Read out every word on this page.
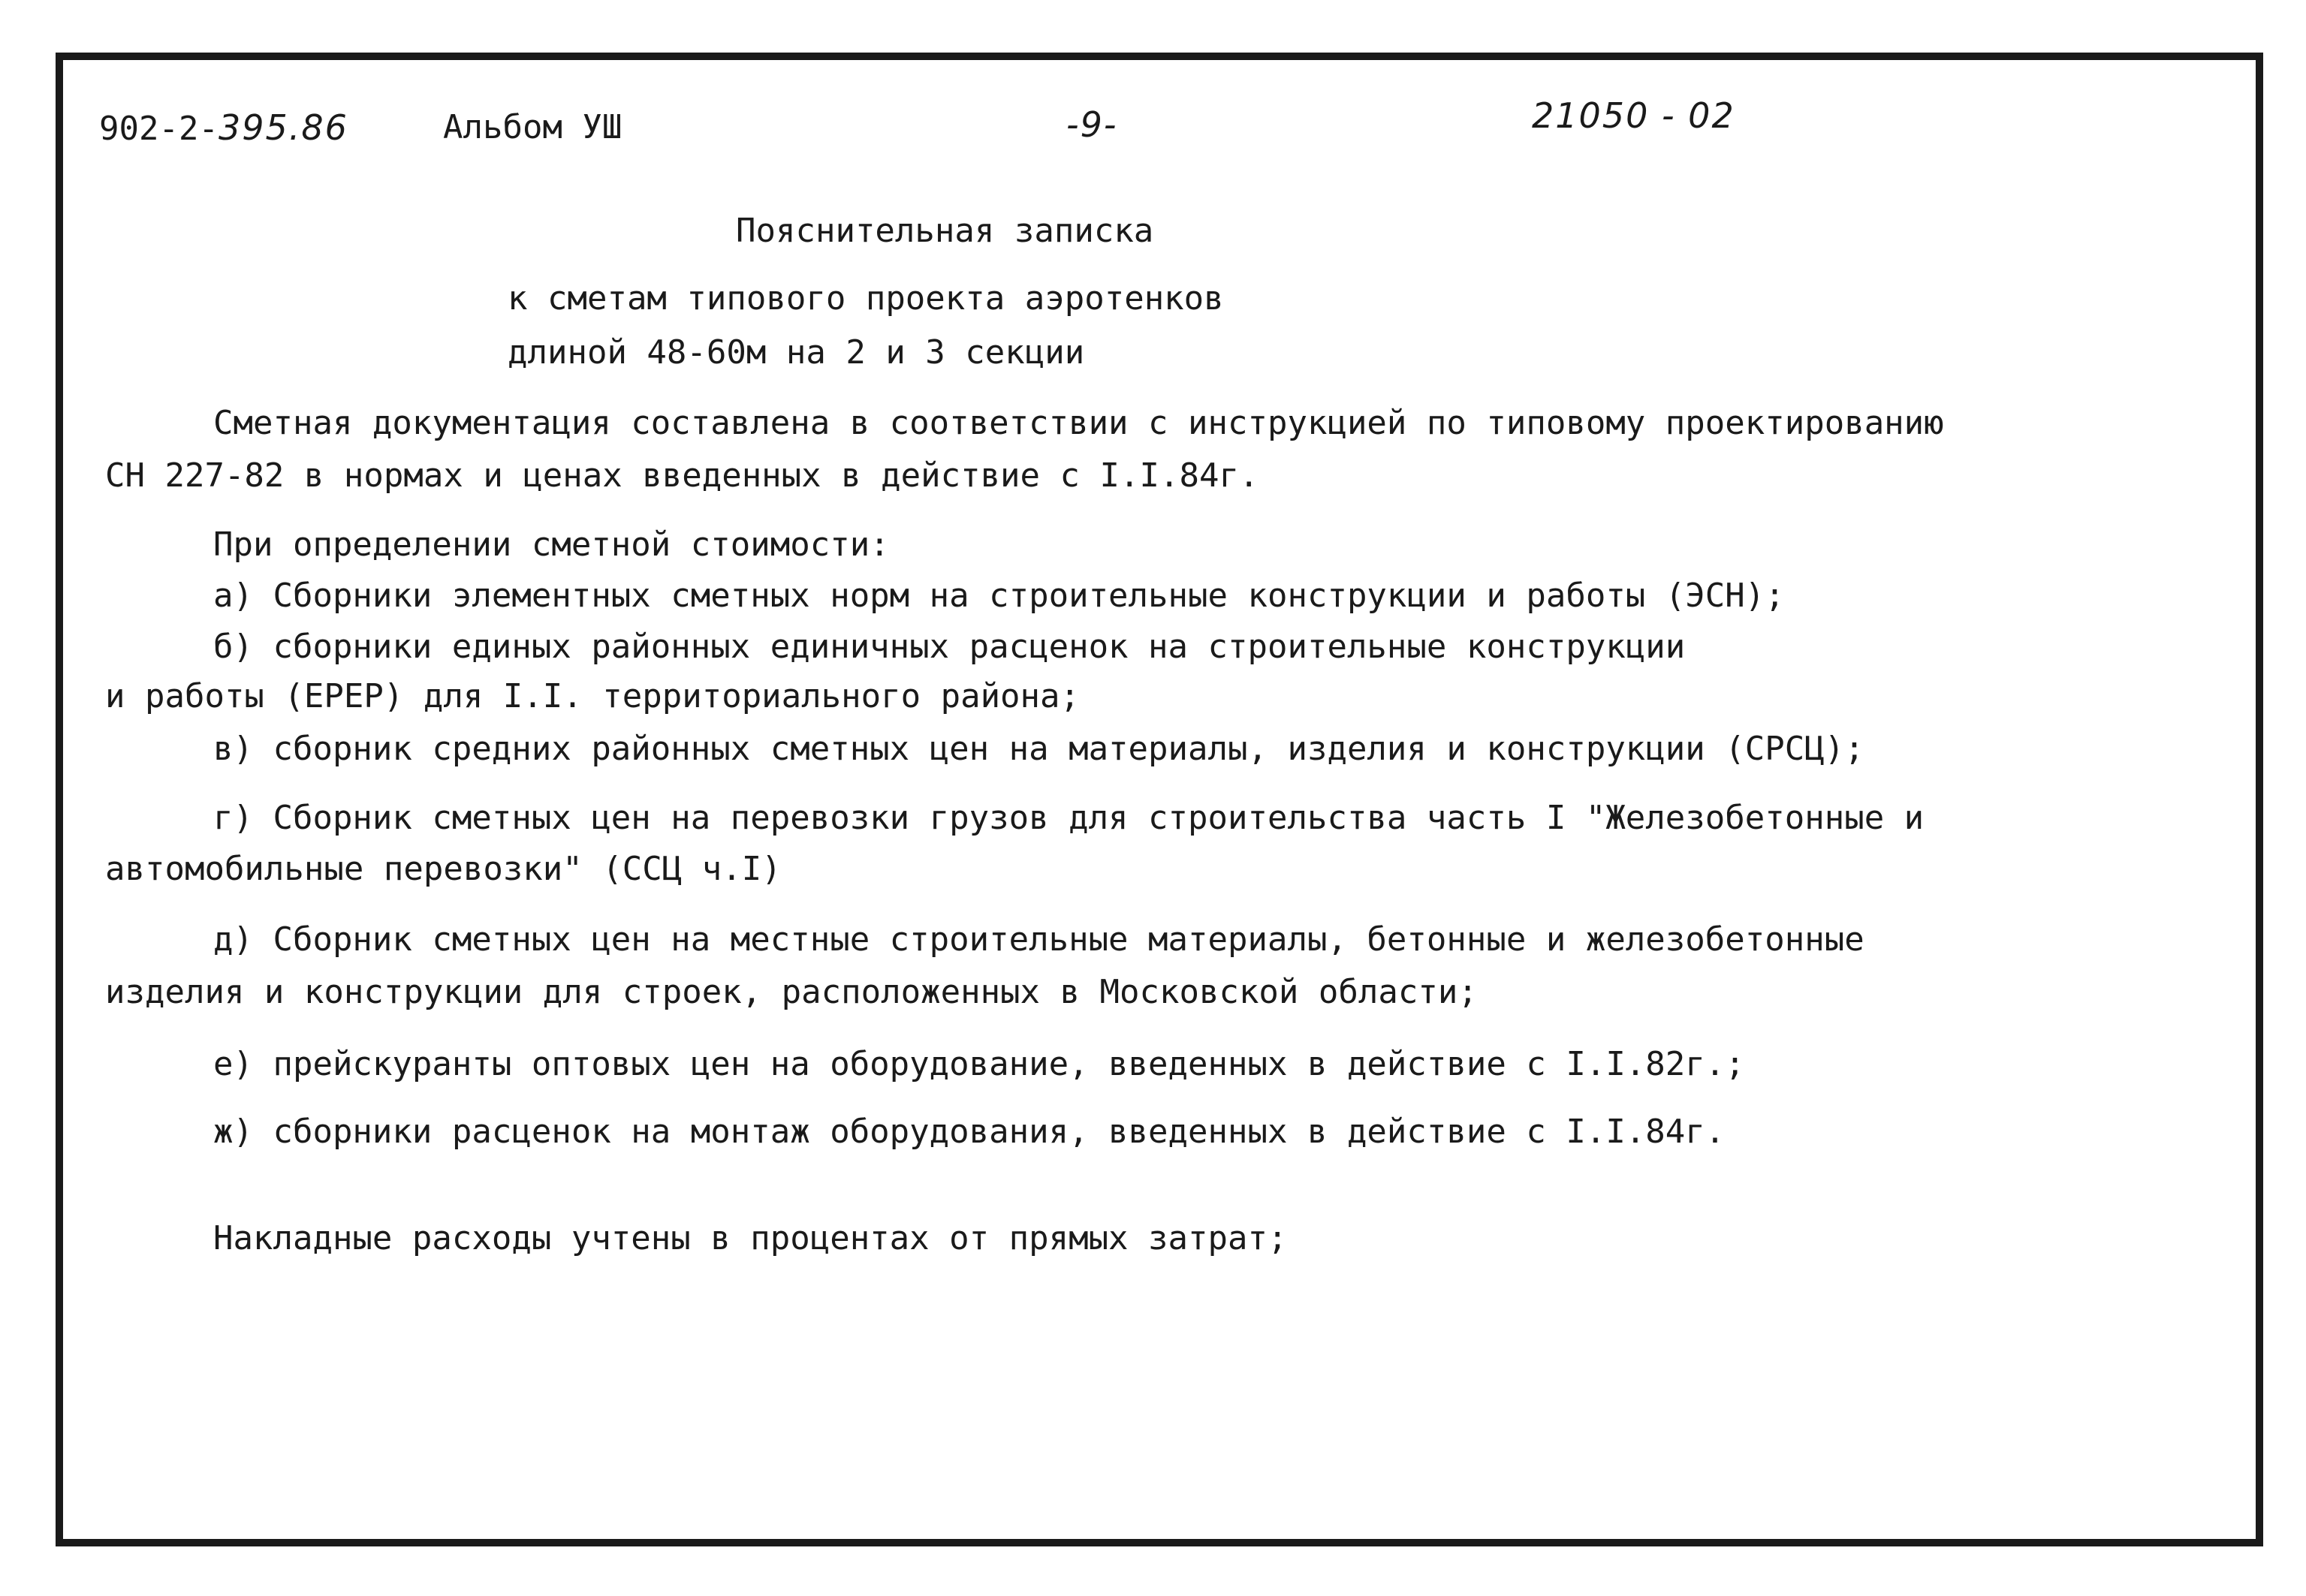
902-2-395.86	Альбом УШ	-9-	21050 - 02
Пояснительная записка
к сметам типового проекта аэротенков
длиной 48-60м на 2 и 3 секции
Сметная документация составлена в соответствии с инструкцией по типовому проектированию
СН 227-82 в нормах и ценах введенных в действие с I.I.84г.
При определении сметной стоимости:
а) Сборники элементных сметных норм на строительные конструкции и работы (ЭСН);
б) сборники единых районных единичных расценок на строительные конструкции
и работы (ЕРЕР) для I.I. территориального района;
в) сборник средних районных сметных цен на материалы, изделия и конструкции (СРСЦ);
г) Сборник сметных цен на перевозки грузов для строительства часть I "Железобетонные и
автомобильные перевозки" (ССЦ ч.I)
д) Сборник сметных цен на местные строительные материалы, бетонные и железобетонные
изделия и конструкции для строек, расположенных в Московской области;
е) прейскуранты оптовых цен на оборудование, введенных в действие с I.I.82г.;
ж) сборники расценок на монтаж оборудования, введенных в действие с I.I.84г.
Накладные расходы учтены в процентах от прямых затрат;
